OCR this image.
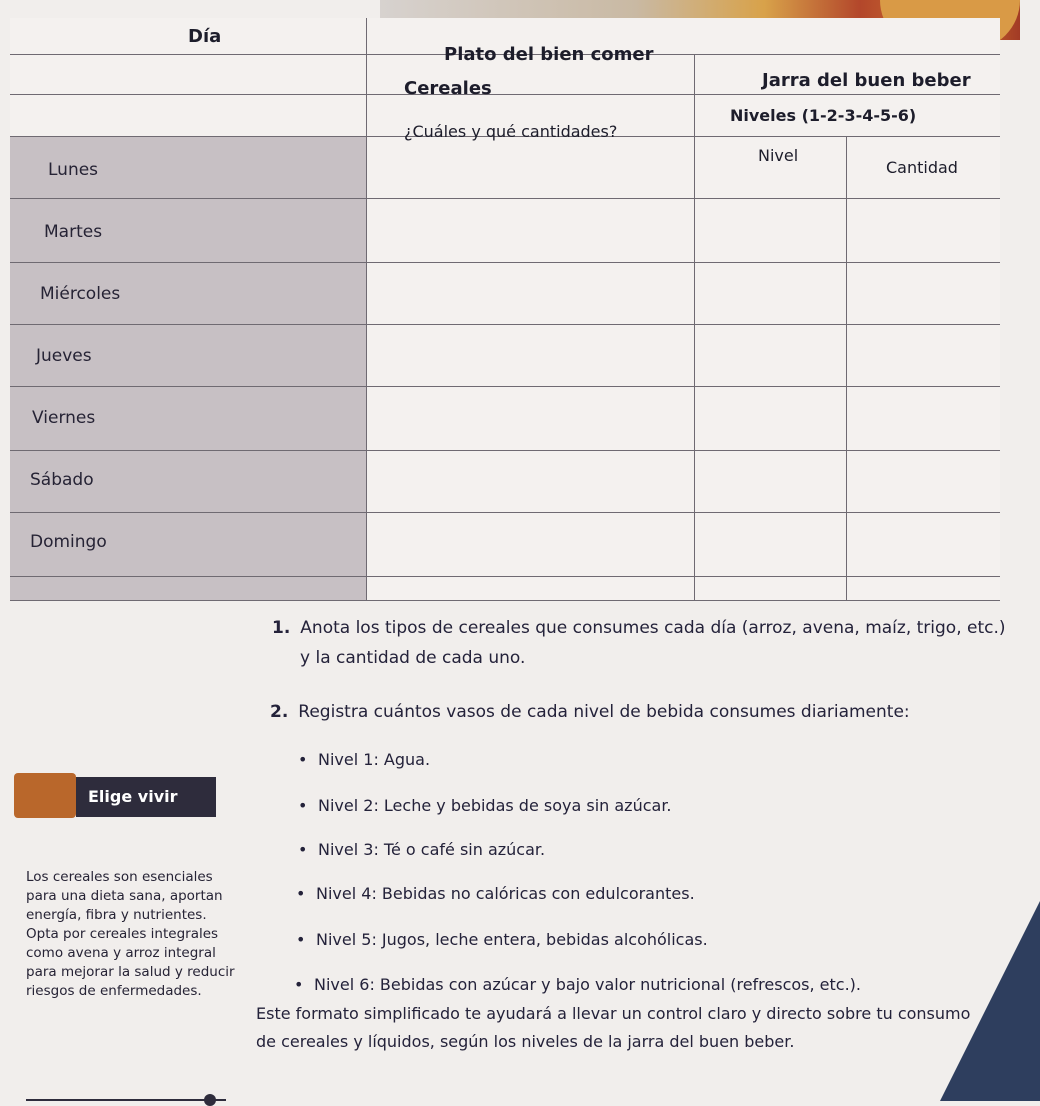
Día
Plato del bien comer
Cereales
¿Cuáles y qué cantidades?
Jarra del buen beber
Niveles (1-2-3-4-5-6)
Nivel
Cantidad
Lunes
Martes
Miércoles
Jueves
Viernes
Sábado
Domingo
1. Anota los tipos de cereales que consumes cada día (arroz, avena, maíz, trigo, etc.)
y la cantidad de cada uno.
2. Registra cuántos vasos de cada nivel de bebida consumes diariamente:
• Nivel 1: Agua.
• Nivel 2: Leche y bebidas de soya sin azúcar.
• Nivel 3: Té o café sin azúcar.
• Nivel 4: Bebidas no calóricas con edulcorantes.
• Nivel 5: Jugos, leche entera, bebidas alcohólicas.
• Nivel 6: Bebidas con azúcar y bajo valor nutricional (refrescos, etc.).
Este formato simplificado te ayudará a llevar un control claro y directo sobre tu consumo
de cereales y líquidos, según los niveles de la jarra del buen beber.
Elige vivir
Los cereales son esenciales para una dieta sana, aportan energía, fibra y nutrientes. Opta por cereales integrales como avena y arroz integral para mejorar la salud y reducir riesgos de enfermedades.
